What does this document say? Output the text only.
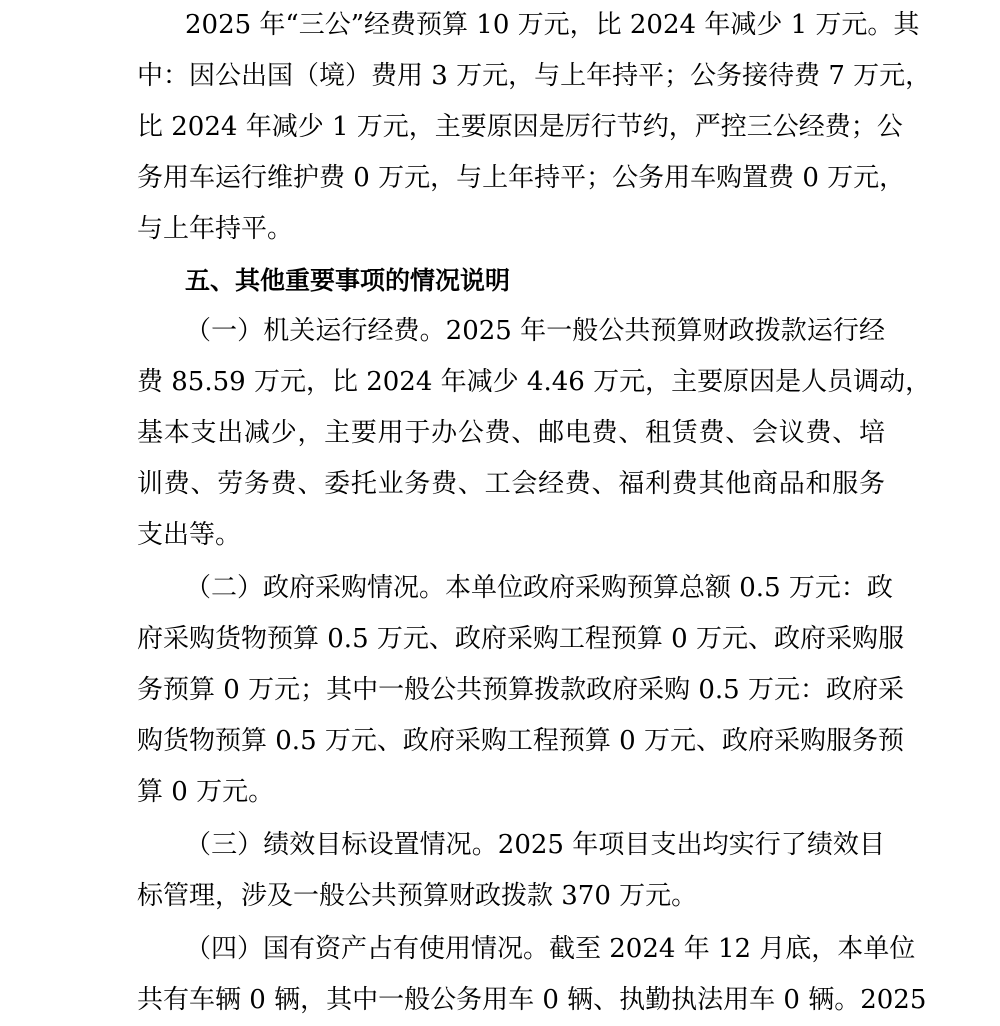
2025 年“三公”经费预算 10 万元，比 2024 年减少 1 万元。其
中：因公出国（境）费用 3 万元，与上年持平；公务接待费 7 万元，
比 2024 年减少 1 万元，主要原因是厉行节约，严控三公经费；公
务用车运行维护费 0 万元，与上年持平；公务用车购置费 0 万元，
与上年持平。
五、其他重要事项的情况说明
（一）机关运行经费。2025 年一般公共预算财政拨款运行经
费 85.59 万元，比 2024 年减少 4.46 万元，主要原因是人员调动，
基本支出减少，主要用于办公费、邮电费、租赁费、会议费、培
训费、劳务费、委托业务费、工会经费、福利费其他商品和服务
支出等。
（二）政府采购情况。本单位政府采购预算总额 0.5 万元：政
府采购货物预算 0.5 万元、政府采购工程预算 0 万元、政府采购服
务预算 0 万元；其中一般公共预算拨款政府采购 0.5 万元：政府采
购货物预算 0.5 万元、政府采购工程预算 0 万元、政府采购服务预
算 0 万元。
（三）绩效目标设置情况。2025 年项目支出均实行了绩效目
标管理，涉及一般公共预算财政拨款 370 万元。
（四）国有资产占有使用情况。截至 2024 年 12 月底，本单位
共有车辆 0 辆，其中一般公务用车 0 辆、执勤执法用车 0 辆。2025
